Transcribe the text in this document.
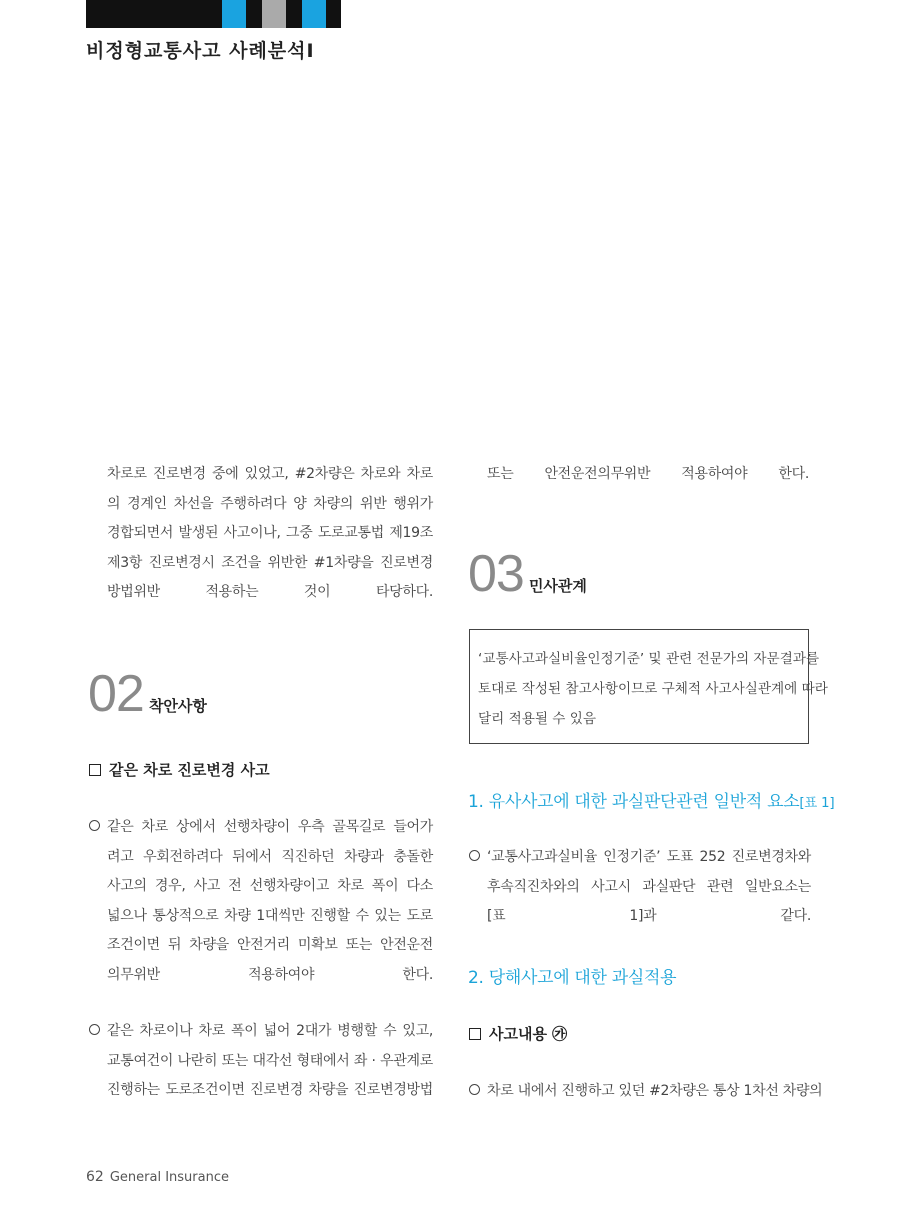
비정형교통사고 사례분석Ⅰ
차로로 진로변경 중에 있었고, #2차량은 차로와 차로
의 경계인 차선을 주행하려다 양 차량의 위반 행위가
경합되면서 발생된 사고이나, 그중 도로교통법 제19조
제3항 진로변경시 조건을 위반한 #1차량을 진로변경
방법위반 적용하는 것이 타당하다.
02 착안사항
같은 차로 진로변경 사고
같은 차로 상에서 선행차량이 우측 골목길로 들어가
려고 우회전하려다 뒤에서 직진하던 차량과 충돌한
사고의 경우, 사고 전 선행차량이고 차로 폭이 다소
넓으나 통상적으로 차량 1대씩만 진행할 수 있는 도로
조건이면 뒤 차량을 안전거리 미확보 또는 안전운전
의무위반 적용하여야 한다.
같은 차로이나 차로 폭이 넓어 2대가 병행할 수 있고,
교통여건이 나란히 또는 대각선 형태에서 좌 · 우관계로
진행하는 도로조건이면 진로변경 차량을 진로변경방법
또는 안전운전의무위반 적용하여야 한다.
03 민사관계
‘교통사고과실비율인정기준’ 및 관련 전문가의 자문결과를
토대로 작성된 참고사항이므로 구체적 사고사실관계에 따라
달리 적용될 수 있음
1. 유사사고에 대한 과실판단관련 일반적 요소[표 1]
‘교통사고과실비율 인정기준’ 도표 252 진로변경차와
후속직진차와의 사고시 과실판단 관련 일반요소는
[표 1]과 같다.
2. 당해사고에 대한 과실적용
사고내용 ㉮
차로 내에서 진행하고 있던 #2차량은 통상 1차선 차량의
62 General Insurance
